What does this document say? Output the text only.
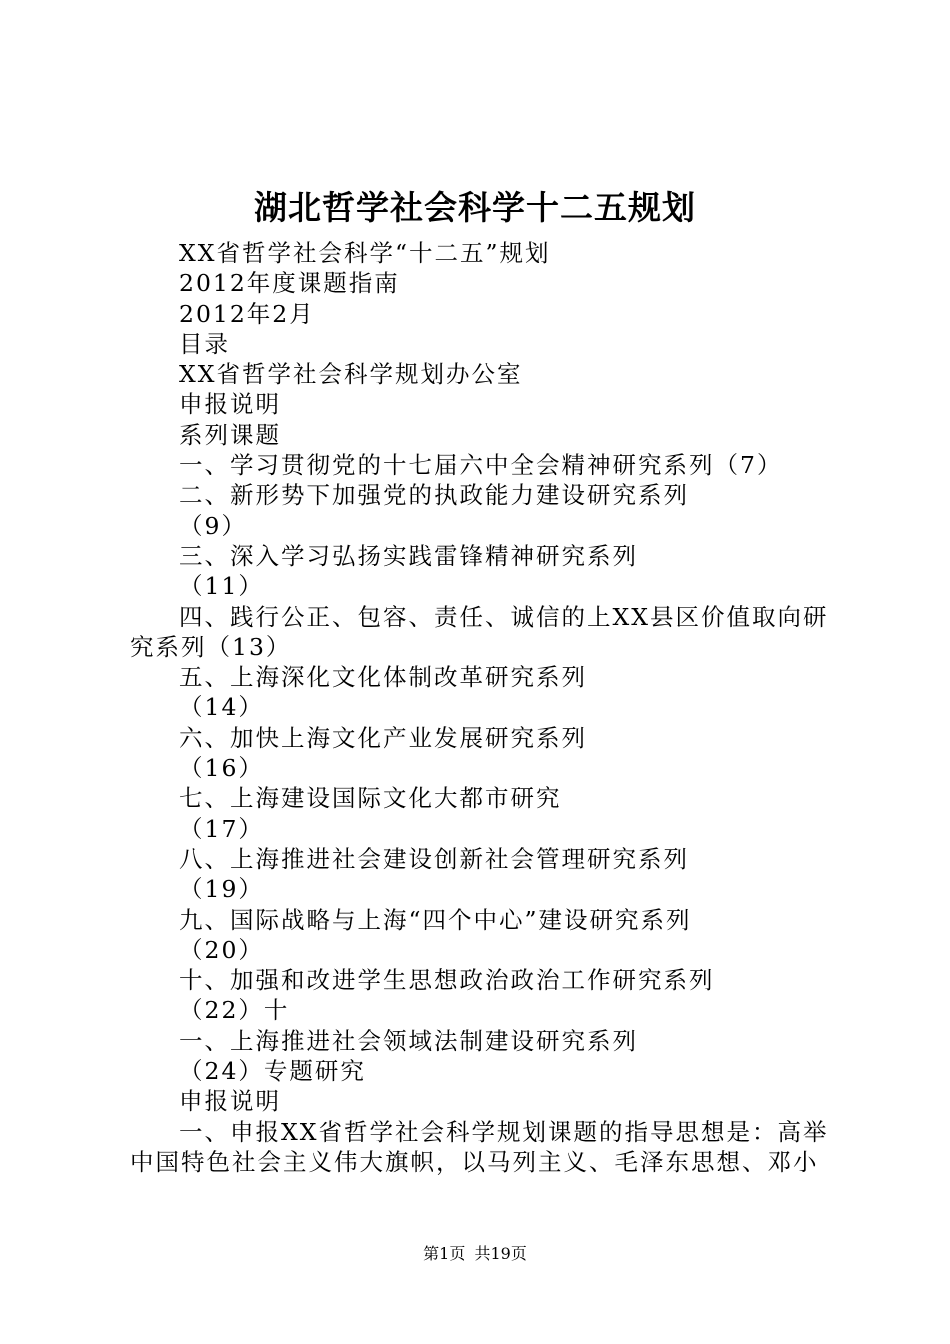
湖北哲学社会科学十二五规划
XX省哲学社会科学“十二五”规划
2012年度课题指南
2012年2月
目录
XX省哲学社会科学规划办公室
申报说明
系列课题
一、学习贯彻党的十七届六中全会精神研究系列（7）
二、新形势下加强党的执政能力建设研究系列
（9）
三、深入学习弘扬实践雷锋精神研究系列
（11）
四、践行公正、包容、责任、诚信的上XX县区价值取向研
究系列（13）
五、上海深化文化体制改革研究系列
（14）
六、加快上海文化产业发展研究系列
（16）
七、上海建设国际文化大都市研究
（17）
八、上海推进社会建设创新社会管理研究系列
（19）
九、国际战略与上海“四个中心”建设研究系列
（20）
十、加强和改进学生思想政治政治工作研究系列
（22）十
一、上海推进社会领域法制建设研究系列
（24）专题研究
申报说明
一、申报XX省哲学社会科学规划课题的指导思想是：高举
中国特色社会主义伟大旗帜，以马列主义、毛泽东思想、邓小
第1页 共19页
